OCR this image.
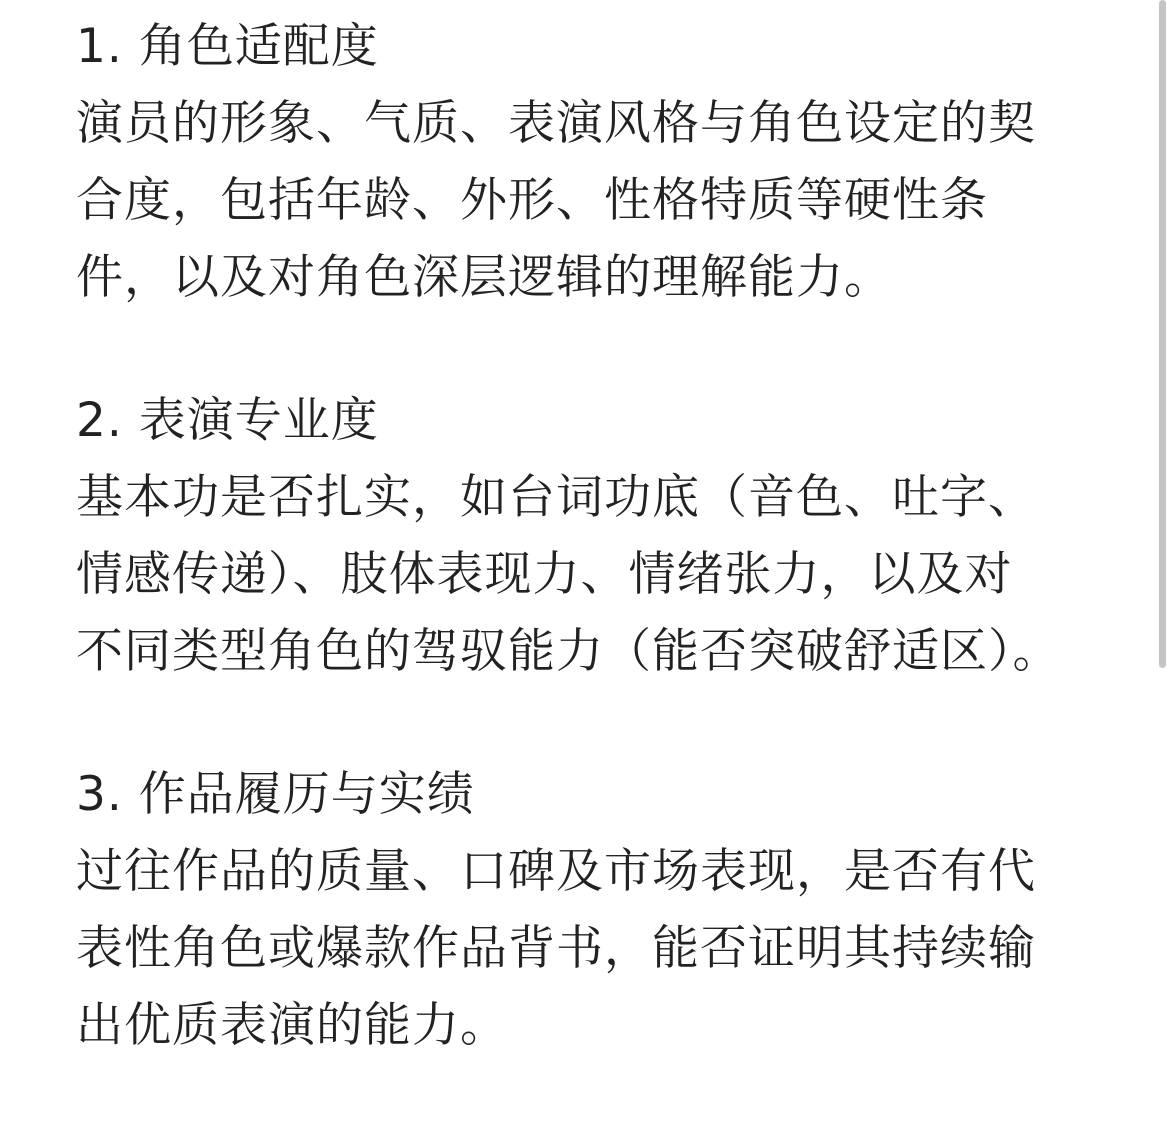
1. 角色适配度
演员的形象、气质、表演风格与角色设定的契
合度，包括年龄、外形、性格特质等硬性条
件，以及对角色深层逻辑的理解能力。
2. 表演专业度
基本功是否扎实，如台词功底（音色、吐字、
情感传递）、肢体表现力、情绪张力，以及对
不同类型角色的驾驭能力（能否突破舒适区）。
3. 作品履历与实绩
过往作品的质量、口碑及市场表现，是否有代
表性角色或爆款作品背书，能否证明其持续输
出优质表演的能力。
